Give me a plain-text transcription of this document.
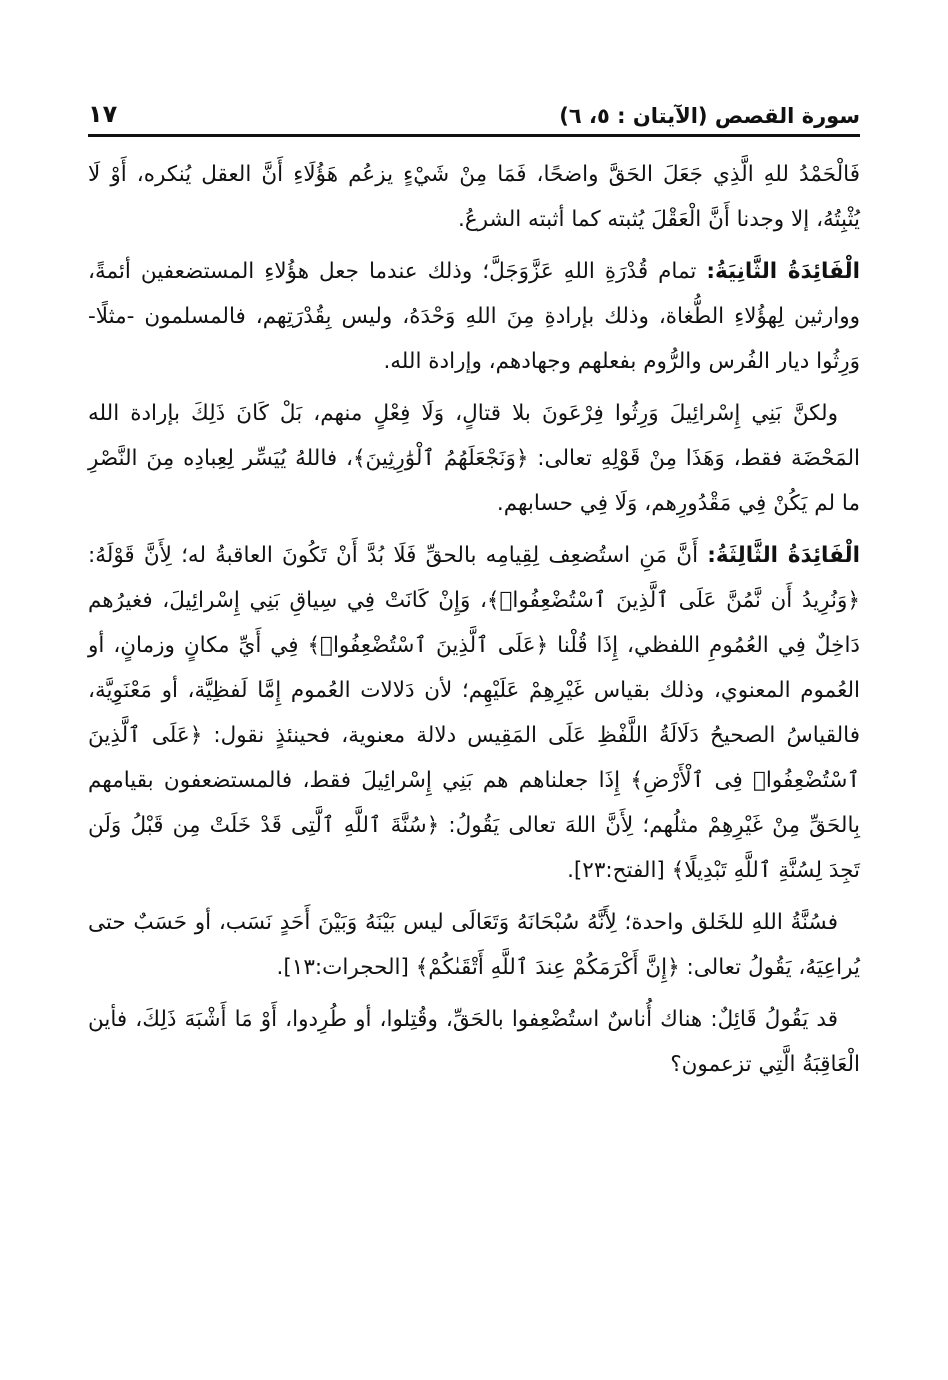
سورة القصص (الآيتان : ٥، ٦)
١٧

فَالْحَمْدُ للهِ الَّذِي جَعَلَ الحَقَّ واضحًا، فَمَا مِنْ شَيْءٍ يزعُم هَؤُلَاءِ أَنَّ العقل يُنكره، أَوْ لَا يُثْبِتُهُ، إلا وجدنا أَنَّ الْعَقْلَ يُثبته كما أثبته الشرعُ.

الْفَائِدَةُ الثَّانِيَةُ: تمام قُدْرَةِ اللهِ عَزَّوَجَلَّ؛ وذلك عندما جعل هؤُلاءِ المستضعفين أئمةً، ووارثين لِهؤُلاءِ الطُّغاة، وذلك بإرادةِ مِنَ اللهِ وَحْدَهُ، وليس بِقُدْرَتِهم، فالمسلمون -مثلًا- وَرِثُوا ديار الفُرس والرُّوم بفعلهم وجهادهم، وإرادة الله.

ولكنَّ بَنِي إِسْرائِيلَ وَرِثُوا فِرْعَونَ بلا قتالٍ، وَلَا فِعْلٍ منهم، بَلْ كَانَ ذَلِكَ بإرادة الله المَحْضَة فقط، وَهَذَا مِنْ قَوْلِهِ تعالى: ﴿وَنَجْعَلَهُمُ ٱلْوَٰرِثِينَ﴾، فاللهُ يُيَسِّر لِعِبادِه مِنَ النَّصْرِ ما لم يَكُنْ فِي مَقْدُورِهم، وَلَا فِي حسابهم.

الْفَائِدَةُ الثَّالِثَةُ: أَنَّ مَنِ استُضعِف لِقِيامِه بالحقِّ فَلَا بُدَّ أَنْ تَكُونَ العاقبةُ له؛ لِأَنَّ قَوْلَهُ: ﴿وَنُرِيدُ أَن نَّمُنَّ عَلَى ٱلَّذِينَ ٱسْتُضْعِفُوا۟﴾، وَإِنْ كَانَتْ فِي سِياقِ بَنِي إِسْرائِيلَ، فغيرُهم دَاخِلٌ فِي العُمُومِ اللفظي، إِذَا قُلْنا ﴿عَلَى ٱلَّذِينَ ٱسْتُضْعِفُوا۟﴾ فِي أَيِّ مكانٍ وزمانٍ، أو العُموم المعنوي، وذلك بقياس غَيْرِهِمْ عَلَيْهِم؛ لأن دَلالات العُموم إِمَّا لَفظِيَّة، أو مَعْنَوِيَّة، فالقياسُ الصحيحُ دَلَالَةُ اللَّفْظِ عَلَى المَقِيس دلالة معنوية، فحينئذٍ نقول: ﴿عَلَى ٱلَّذِينَ ٱسْتُضْعِفُوا۟ فِى ٱلْأَرْضِ﴾ إِذَا جعلناهم هم بَنِي إِسْرائِيلَ فقط، فالمستضعفون بقيامهم بِالحَقِّ مِنْ غَيْرِهِمْ مثلُهم؛ لِأَنَّ اللهَ تعالى يَقُولُ: ﴿سُنَّةَ ٱللَّهِ ٱلَّتِى قَدْ خَلَتْ مِن قَبْلُ وَلَن تَجِدَ لِسُنَّةِ ٱللَّهِ تَبْدِيلًا﴾ [الفتح:٢٣].

فسُنَّةُ اللهِ للخَلق واحدة؛ لِأَنَّهُ سُبْحَانَهُ وَتَعَالَى ليس بَيْنَهُ وَبَيْنَ أَحَدٍ نَسَب، أو حَسَبٌ حتى يُراعِيَهُ، يَقُولُ تعالى: ﴿إِنَّ أَكْرَمَكُمْ عِندَ ٱللَّهِ أَتْقَىٰكُمْ﴾ [الحجرات:١٣].

قد يَقُولُ قَائِلٌ: هناك أُناسٌ استُضْعِفوا بالحَقِّ، وقُتِلوا، أو طُرِدوا، أَوْ مَا أَشْبَهَ ذَلِكَ، فأين الْعَاقِبَةُ الَّتِي تزعمون؟
